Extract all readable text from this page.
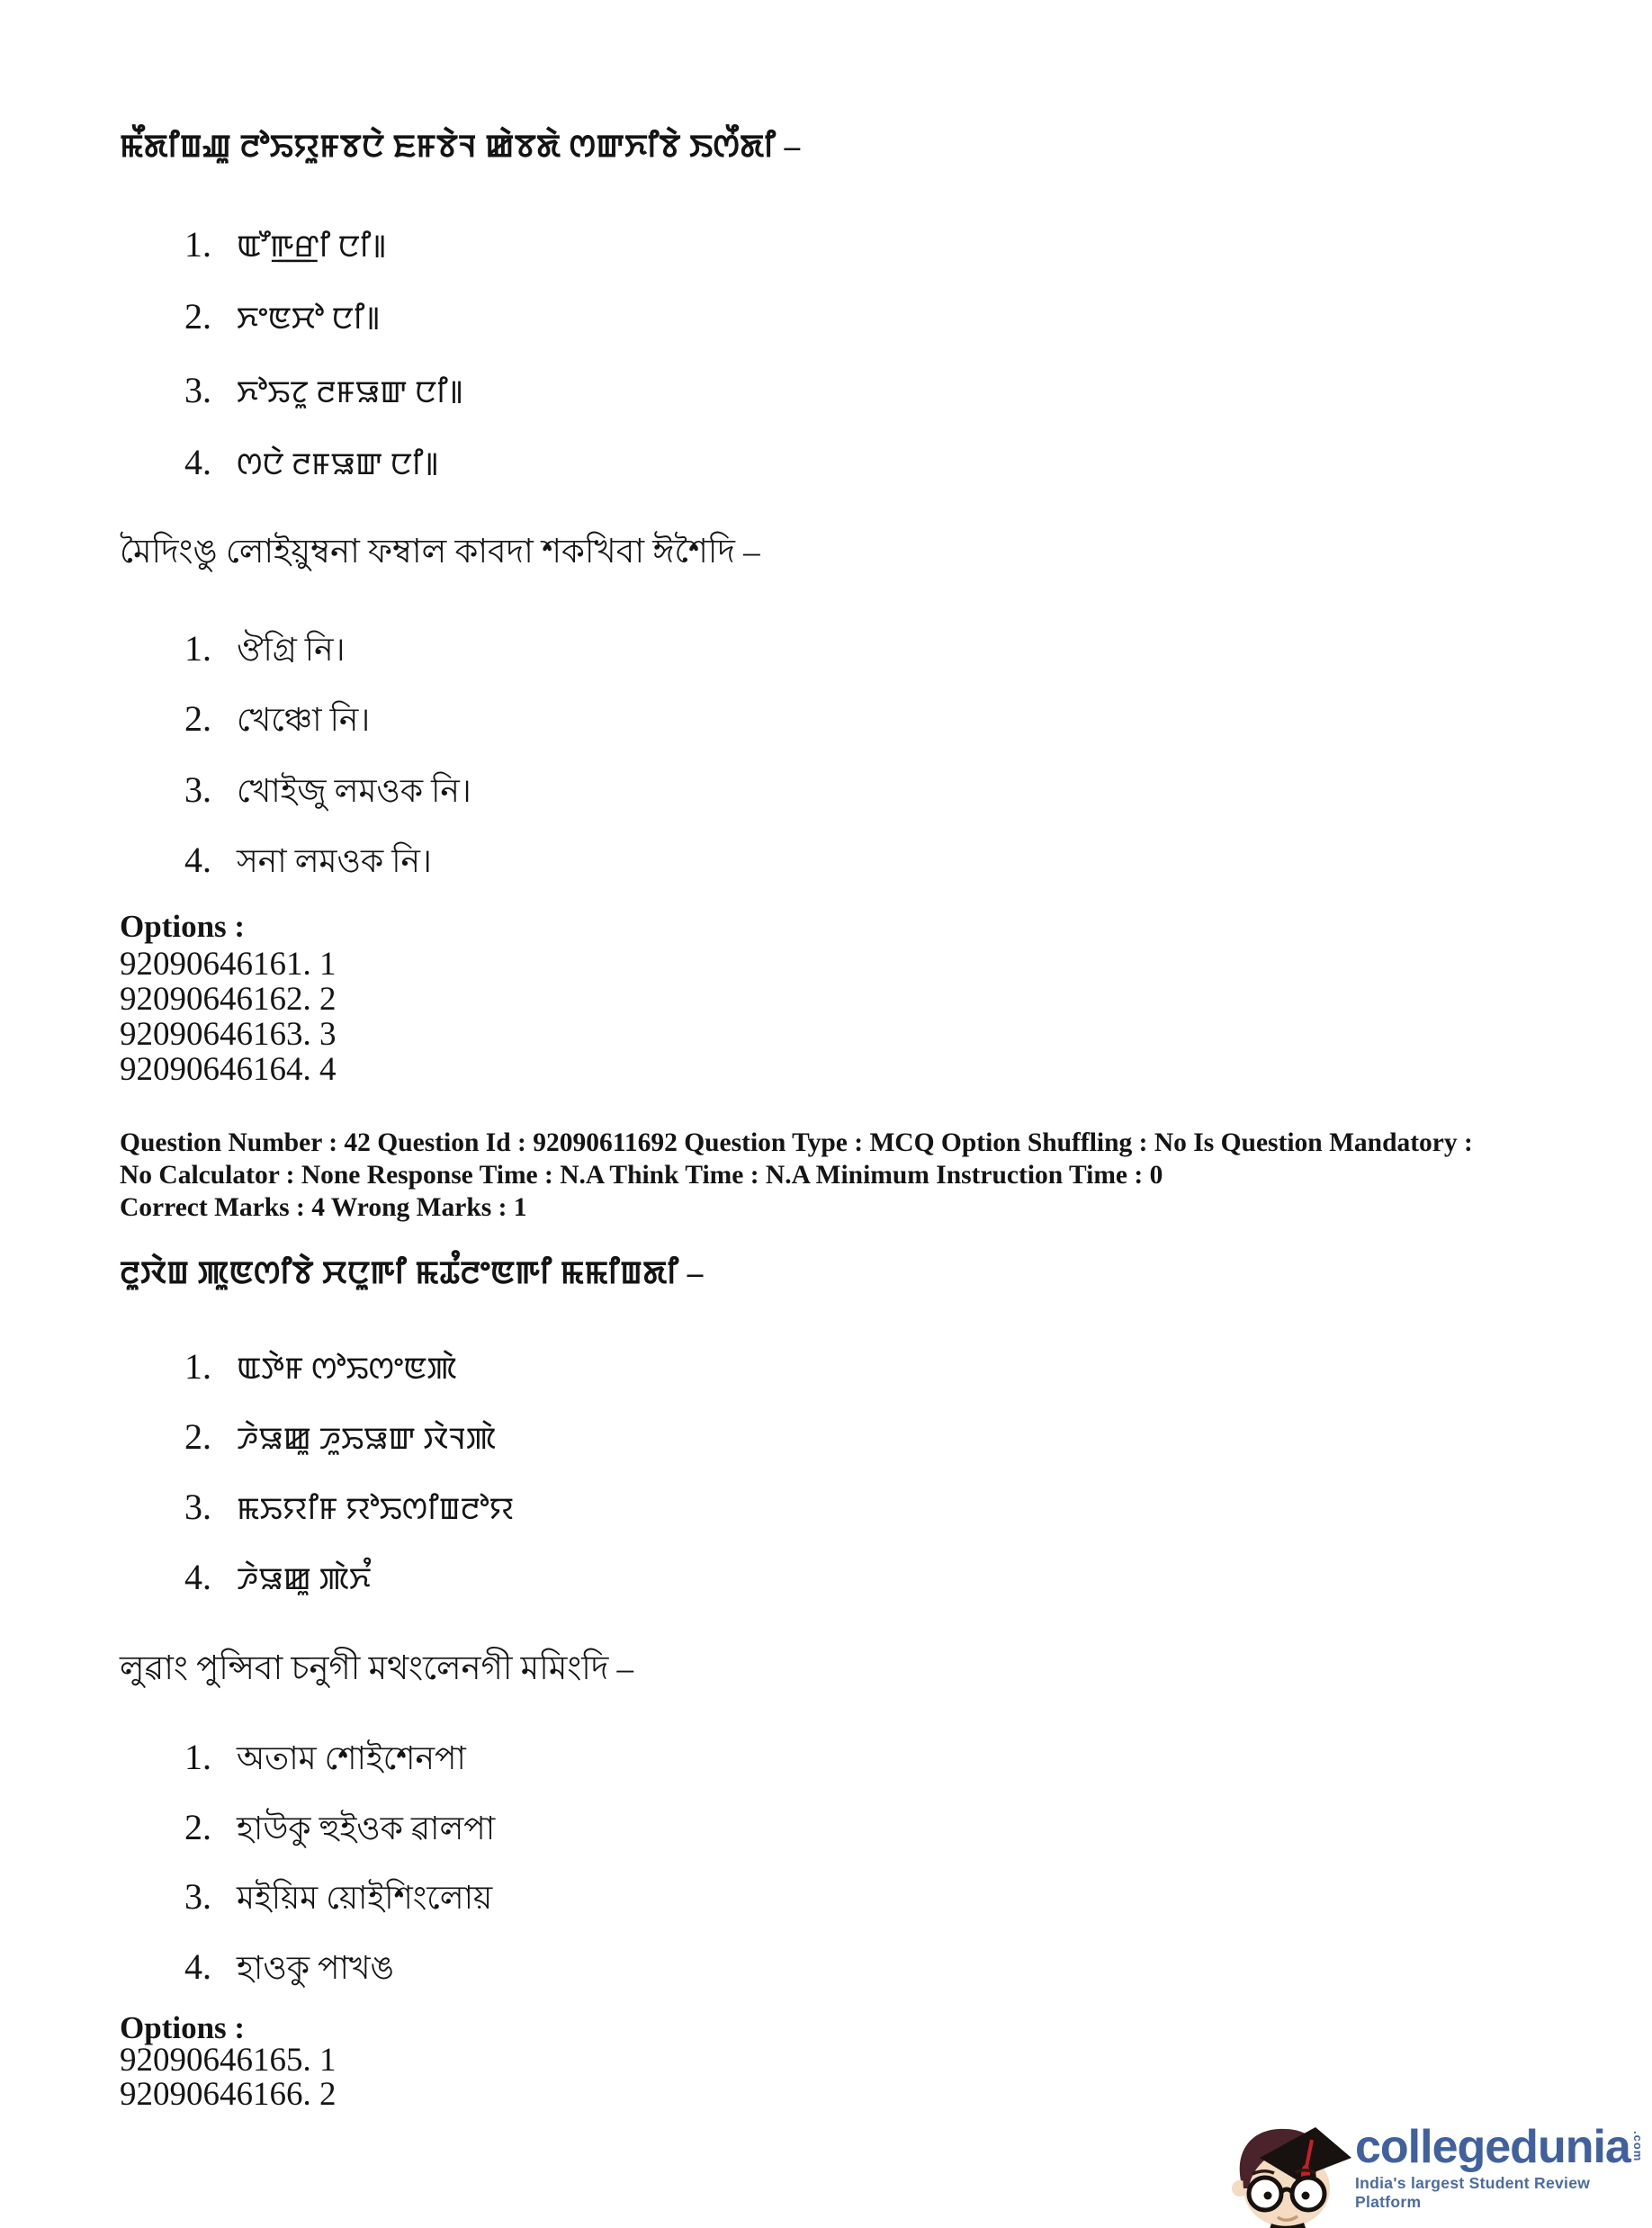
ꯃꯩꯗꯤꯡꯉꯨ ꯂꯣꯢꯌꯨꯝꯕꯅꯥ ꯐꯝꯕꯥꯜ ꯀꯥꯕꯗꯥ ꯁꯛꯈꯤꯕꯥ ꯏꯁꯩꯗꯤ –
1. ꯑꯧꯒ꯭ꯔꯤ ꯅꯤ꯫
2. ꯈꯦꯟꯆꯣ ꯅꯤ꯫
3. ꯈꯣꯢꯖꯨ ꯂꯝꯎꯛ ꯅꯤ꯫
4. ꯁꯅꯥ ꯂꯝꯎꯛ ꯅꯤ꯫
মৈদিংঙু লোইয়ুম্বনা ফম্বাল কাবদা শকখিবা ঈশৈদি –
1. ঔগ্রি নি।
2. খেঞ্চো নি।
3. খোইজু লমওক নি।
4. সনা লমওক নি।
Options :
92090646161. 1
92090646162. 2
92090646163. 3
92090646164. 4
Question Number : 42 Question Id : 92090611692 Question Type : MCQ Option Shuffling : No Is Question Mandatory : No Calculator : None Response Time : N.A Think Time : N.A Minimum Instruction Time : 0
Correct Marks : 4 Wrong Marks : 1
ꯂꯨꯋꯥꯡ ꯄꯨꯟꯁꯤꯕꯥ ꯆꯅꯨꯒꯤ ꯃꯊꯪꯂꯦꯟꯒꯤ ꯃꯃꯤꯡꯗꯤ –
1. ꯑꯇꯥꯝ ꯁꯣꯢꯁꯦꯟꯄꯥ
2. ꯍꯥꯎꯀꯨ ꯍꯨꯢꯎꯛ ꯋꯥꯜꯄꯥ
3. ꯃꯢꯌꯤꯝ ꯌꯣꯢꯁꯤꯡꯂꯣꯌ
4. ꯍꯥꯎꯀꯨ ꯄꯥꯈꯪ
লুৱাং পুন্সিবা চনুগী মথংলেনগী মমিংদি –
1. অতাম শোইশেনপা
2. হাউকু হুইওক ৱালপা
3. মইয়িম য়োইশিংলোয়
4. হাওকু পাখঙ
Options :
92090646165. 1
92090646166. 2
collegedunia .com
India's largest Student Review Platform
